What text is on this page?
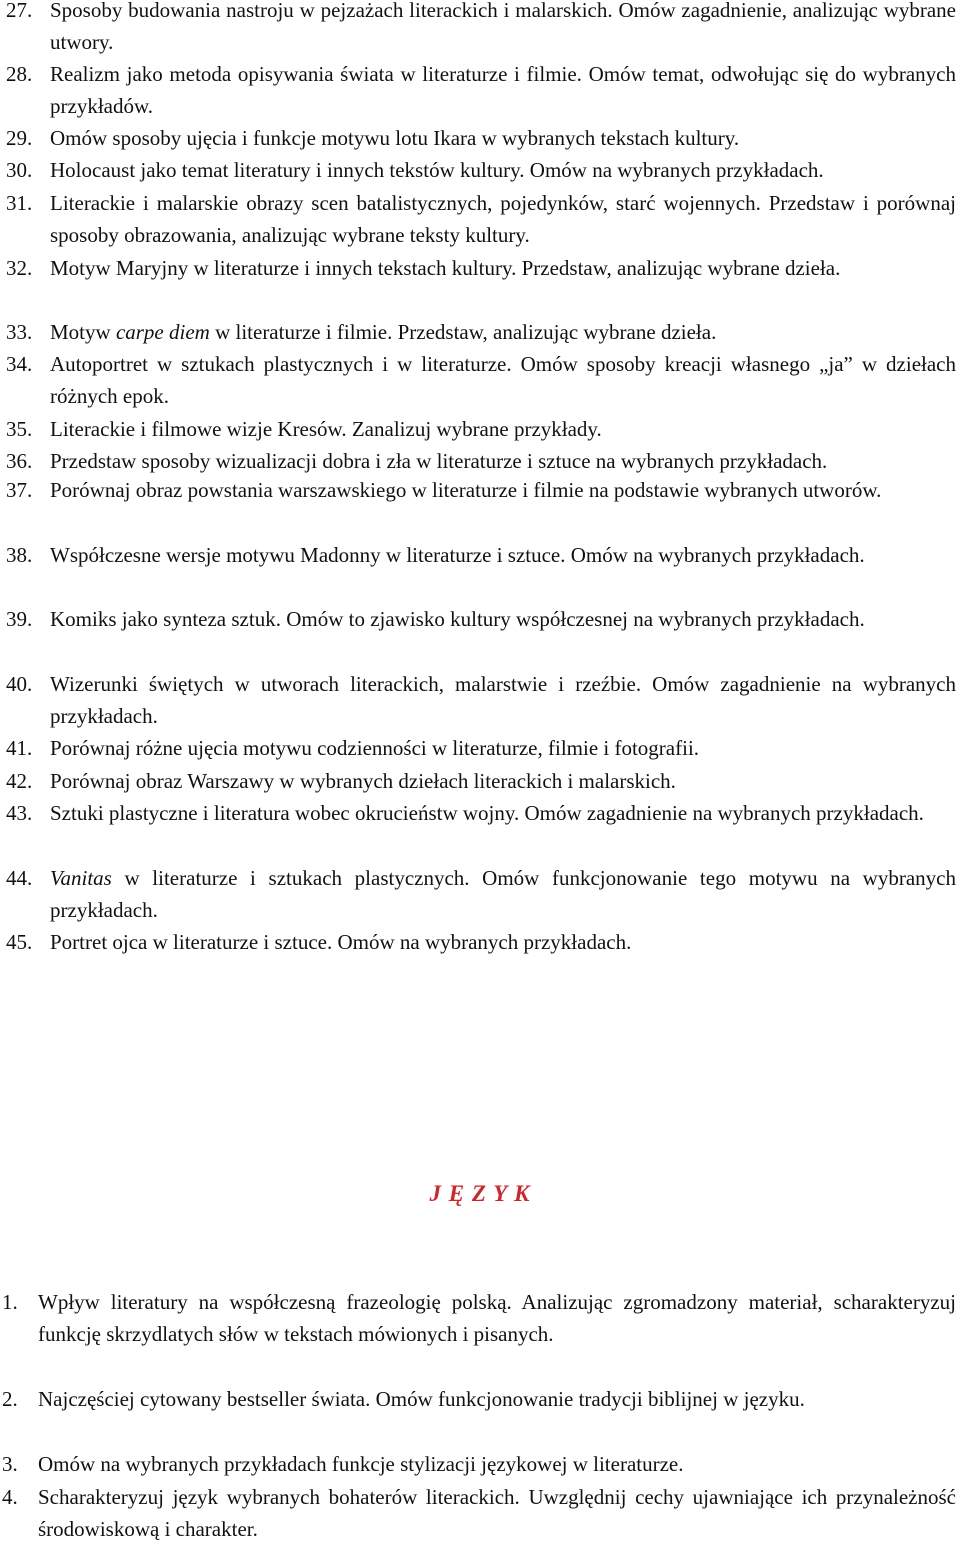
27. Sposoby budowania nastroju w pejzażach literackich i malarskich. Omów zagadnienie, analizując wybrane utwory.
28. Realizm jako metoda opisywania świata w literaturze i filmie. Omów temat, odwołując się do wybranych przykładów.
29. Omów sposoby ujęcia i funkcje motywu lotu Ikara w wybranych tekstach kultury.
30. Holocaust jako temat literatury i innych tekstów kultury. Omów na wybranych przykładach.
31. Literackie i malarskie obrazy scen batalistycznych, pojedynków, starć wojennych. Przedstaw i porównaj sposoby obrazowania, analizując wybrane teksty kultury.
32. Motyw Maryjny w literaturze i innych tekstach kultury. Przedstaw, analizując wybrane dzieła.
33. Motyw carpe diem w literaturze i filmie. Przedstaw, analizując wybrane dzieła.
34. Autoportret w sztukach plastycznych i w literaturze. Omów sposoby kreacji własnego „ja” w dziełach różnych epok.
35. Literackie i filmowe wizje Kresów. Zanalizuj wybrane przykłady.
36. Przedstaw sposoby wizualizacji dobra i zła w literaturze i sztuce na wybranych przykładach.
37. Porównaj obraz powstania warszawskiego w literaturze i filmie na podstawie wybranych utworów.
38. Współczesne wersje motywu Madonny w literaturze i sztuce. Omów na wybranych przykładach.
39. Komiks jako synteza sztuk. Omów to zjawisko kultury współczesnej na wybranych przykładach.
40. Wizerunki świętych w utworach literackich, malarstwie i rzeźbie. Omów zagadnienie na wybranych przykładach.
41. Porównaj różne ujęcia motywu codzienności w literaturze, filmie i fotografii.
42. Porównaj obraz Warszawy w wybranych dziełach literackich i malarskich.
43. Sztuki plastyczne i literatura wobec okrucieństw wojny. Omów zagadnienie na wybranych przykładach.
44. Vanitas w literaturze i sztukach plastycznych. Omów funkcjonowanie tego motywu na wybranych przykładach.
45. Portret ojca w literaturze i sztuce. Omów na wybranych przykładach.
J Ę Z Y K
1. Wpływ literatury na współczesną frazeologię polską. Analizując zgromadzony materiał, scharakteryzuj funkcję skrzydlatych słów w tekstach mówionych i pisanych.
2. Najczęściej cytowany bestseller świata. Omów funkcjonowanie tradycji biblijnej w języku.
3. Omów na wybranych przykładach funkcje stylizacji językowej w literaturze.
4. Scharakteryzuj język wybranych bohaterów literackich. Uwzględnij cechy ujawniające ich przynależność środowiskową i charakter.
